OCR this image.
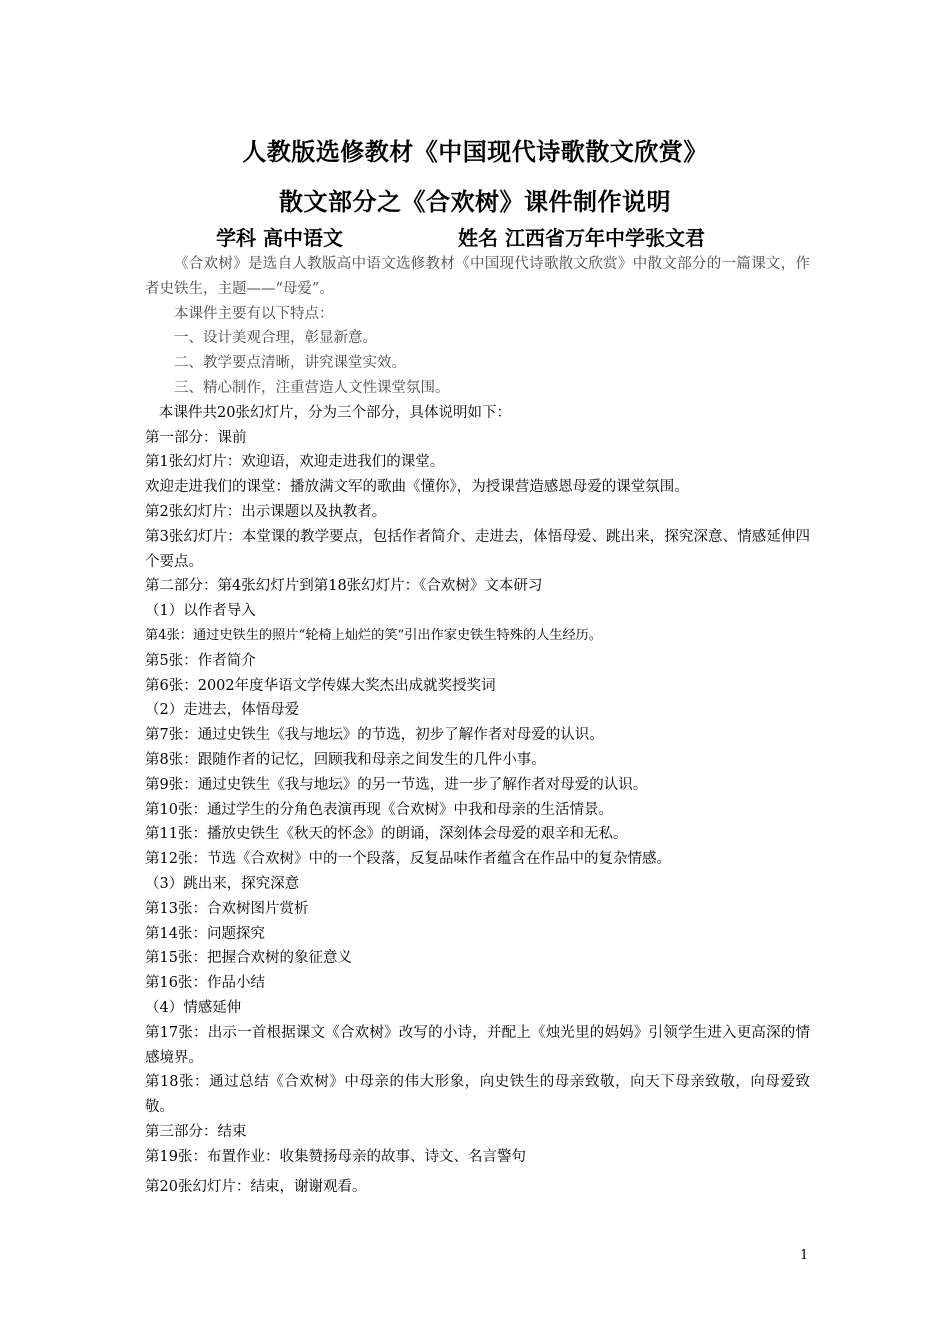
人教版选修教材《中国现代诗歌散文欣赏》
散文部分之《合欢树》课件制作说明
学科 高中语文	姓名 江西省万年中学张文君

《合欢树》是选自人教版高中语文选修教材《中国现代诗歌散文欣赏》中散文部分的一篇课文，作者史铁生，主题——“母爱”。

本课件主要有以下特点：

一、设计美观合理，彰显新意。

二、教学要点清晰，讲究课堂实效。

三、精心制作，注重营造人文性课堂氛围。

本课件共20张幻灯片，分为三个部分，具体说明如下：

第一部分：课前

第1张幻灯片：欢迎语，欢迎走进我们的课堂。

欢迎走进我们的课堂：播放满文军的歌曲《懂你》，为授课营造感恩母爱的课堂氛围。

第2张幻灯片：出示课题以及执教者。

第3张幻灯片：本堂课的教学要点，包括作者简介、走进去，体悟母爱、跳出来，探究深意、情感延伸四个要点。

第二部分：第4张幻灯片到第18张幻灯片：《合欢树》文本研习

（1）以作者导入

第4张：通过史铁生的照片“轮椅上灿烂的笑”引出作家史铁生特殊的人生经历。

第5张：作者简介

第6张：2002年度华语文学传媒大奖杰出成就奖授奖词

（2）走进去，体悟母爱

第7张：通过史铁生《我与地坛》的节选，初步了解作者对母爱的认识。

第8张：跟随作者的记忆，回顾我和母亲之间发生的几件小事。

第9张：通过史铁生《我与地坛》的另一节选，进一步了解作者对母爱的认识。

第10张：通过学生的分角色表演再现《合欢树》中我和母亲的生活情景。

第11张：播放史铁生《秋天的怀念》的朗诵，深刻体会母爱的艰辛和无私。

第12张：节选《合欢树》中的一个段落，反复品味作者蕴含在作品中的复杂情感。

（3）跳出来，探究深意

第13张：合欢树图片赏析

第14张：问题探究

第15张：把握合欢树的象征意义

第16张：作品小结

（4）情感延伸

第17张：出示一首根据课文《合欢树》改写的小诗，并配上《烛光里的妈妈》引领学生进入更高深的情感境界。

第18张：通过总结《合欢树》中母亲的伟大形象，向史铁生的母亲致敬，向天下母亲致敬，向母爱致敬。

第三部分：结束

第19张：布置作业：收集赞扬母亲的故事、诗文、名言警句

第20张幻灯片：结束，谢谢观看。

1
